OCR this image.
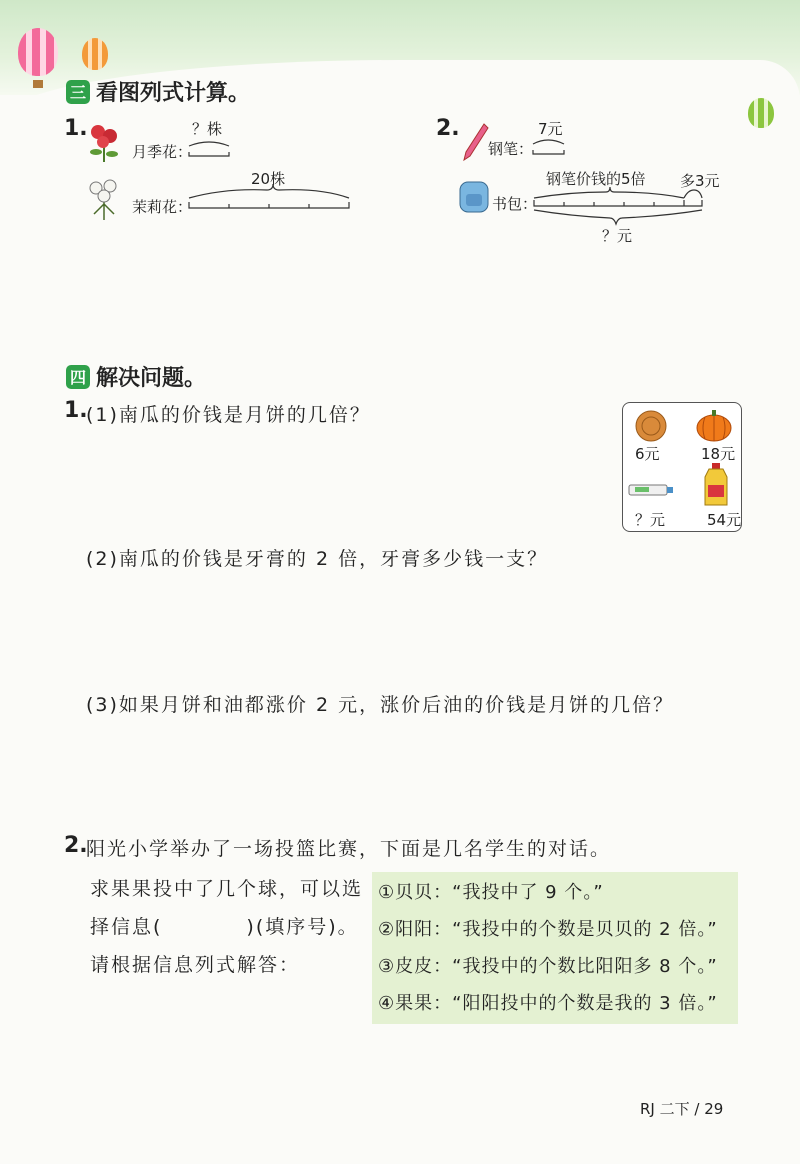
三 看图列式计算。
1.	？株
月季花：
20株
茉莉花：
2.	7元
钢笔：
钢笔价钱的5倍 多3元
书包：
？元
四 解决问题。
1.
(1)南瓜的价钱是月饼的几倍？
6元	18元
？元	54元
(2)南瓜的价钱是牙膏的 2 倍，牙膏多少钱一支？
(3)如果月饼和油都涨价 2 元，涨价后油的价钱是月饼的几倍？
2.
阳光小学举办了一场投篮比赛，下面是几名学生的对话。
求果果投中了几个球，可以选
择信息(　　　　)(填序号)。
请根据信息列式解答：
①贝贝：“我投中了 9 个。”
②阳阳：“我投中的个数是贝贝的 2 倍。”
③皮皮：“我投中的个数比阳阳多 8 个。”
④果果：“阳阳投中的个数是我的 3 倍。”
RJ 二下 / 29
